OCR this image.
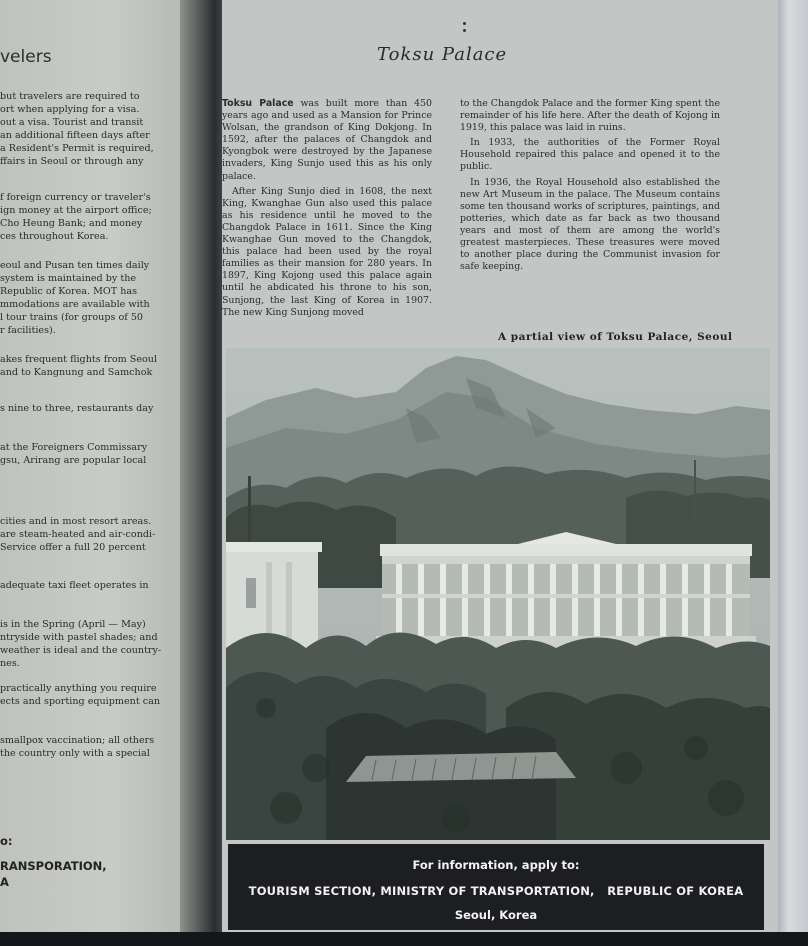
velers

but travelers are required to

ort when applying for a visa.

out a visa. Tourist and transit

an additional fifteen days after

a Resident's Permit is required,

ffairs in Seoul or through any

f foreign currency or traveler's

ign money at the airport office;

Cho Heung Bank; and money

ces throughout Korea.

eoul and Pusan ten times daily

system is maintained by the

Republic of Korea. MOT has

mmodations are available with

l tour trains (for groups of 50

r facilities).

akes frequent flights from Seoul

and to Kangnung and Samchok

s nine to three, restaurants day

at the Foreigners Commissary

gsu, Arirang are popular local

cities and in most resort areas.

are steam-heated and air-condi-

Service offer a full 20 percent

adequate taxi fleet operates in

is in the Spring (April — May)

ntryside with pastel shades; and

weather is ideal and the country-

nes.

practically anything you require

ects and sporting equipment can

smallpox vaccination; all others

the country only with a special

o:
RANSPORATION,
A
Toksu Palace

Toksu Palace was built more than 450 years ago and used as a Mansion for Prince Wolsan, the grandson of King Dokjong. In 1592, after the palaces of Changdok and Kyongbok were destroyed by the Japanese invaders, King Sunjo used this as his only palace.

After King Sunjo died in 1608, the next King, Kwanghae Gun also used this palace as his residence until he moved to the Changdok Palace in 1611. Since the King Kwanghae Gun moved to the Changdok, this palace had been used by the royal families as their mansion for 280 years. In 1897, King Kojong used this palace again until he abdicated his throne to his son, Sunjong, the last King of Korea in 1907. The new King Sunjong moved

to the Changdok Palace and the former King spent the remainder of his life here. After the death of Kojong in 1919, this palace was laid in ruins.

In 1933, the authorities of the Former Royal Household repaired this palace and opened it to the public.

In 1936, the Royal Household also established the new Art Museum in the palace. The Museum contains some ten thousand works of scriptures, paintings, and potteries, which date as far back as two thousand years and most of them are among the world's greatest masterpieces. These treasures were moved to another place during the Communist invasion for safe keeping.

A partial view of Toksu Palace, Seoul
For information, apply to:
TOURISM SECTION, MINISTRY OF TRANSPORTATION,   REPUBLIC OF KOREA
Seoul, Korea
